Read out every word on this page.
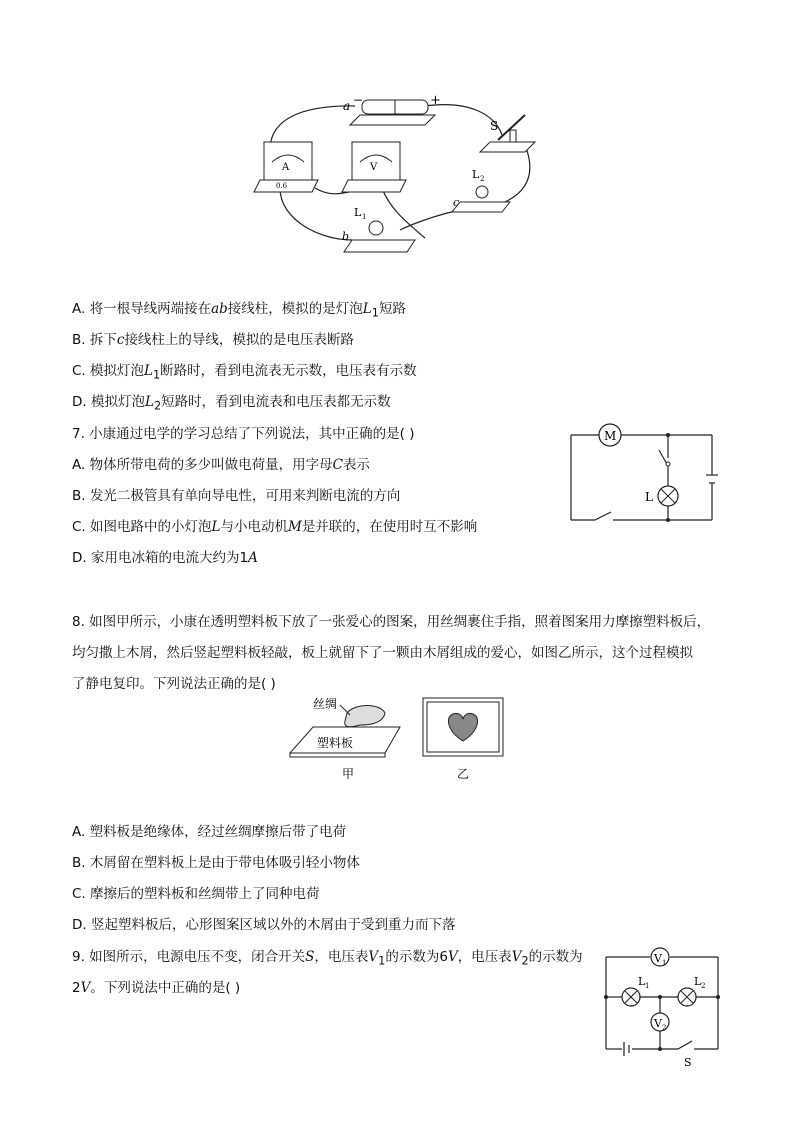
a −	+
S
A
0.6
V
L 2
c
L 1
b
A. 将一根导线两端接在ab接线柱，模拟的是灯泡$L_1$短路
B. 拆下c接线柱上的导线，模拟的是电压表断路
C. 模拟灯泡$L_1$断路时，看到电流表无示数，电压表有示数
D. 模拟灯泡$L_2$短路时，看到电流表和电压表都无示数
7. 小康通过电学的学习总结了下列说法，其中正确的是( )
A. 物体所带电荷的多少叫做电荷量，用字母C表示
B. 发光二极管具有单向导电性，可用来判断电流的方向
C. 如图电路中的小灯泡L与小电动机M是并联的，在使用时互不影响
D. 家用电冰箱的电流大约为1A
M
L
8. 如图甲所示，小康在透明塑料板下放了一张爱心的图案，用丝绸裹住手指，照着图案用力摩擦塑料板后，
均匀撒上木屑，然后竖起塑料板轻敲，板上就留下了一颗由木屑组成的爱心，如图乙所示，这个过程模拟
了静电复印。下列说法正确的是( )
丝绸
塑料板
甲	乙
A. 塑料板是绝缘体，经过丝绸摩擦后带了电荷
B. 木屑留在塑料板上是由于带电体吸引轻小物体
C. 摩擦后的塑料板和丝绸带上了同种电荷
D. 竖起塑料板后，心形图案区域以外的木屑由于受到重力而下落
9. 如图所示，电源电压不变，闭合开关S，电压表$V_1$的示数为6V，电压表$V_2$的示数为
2V。下列说法中正确的是( )
V 1
L 1	L 2
V 2
S
